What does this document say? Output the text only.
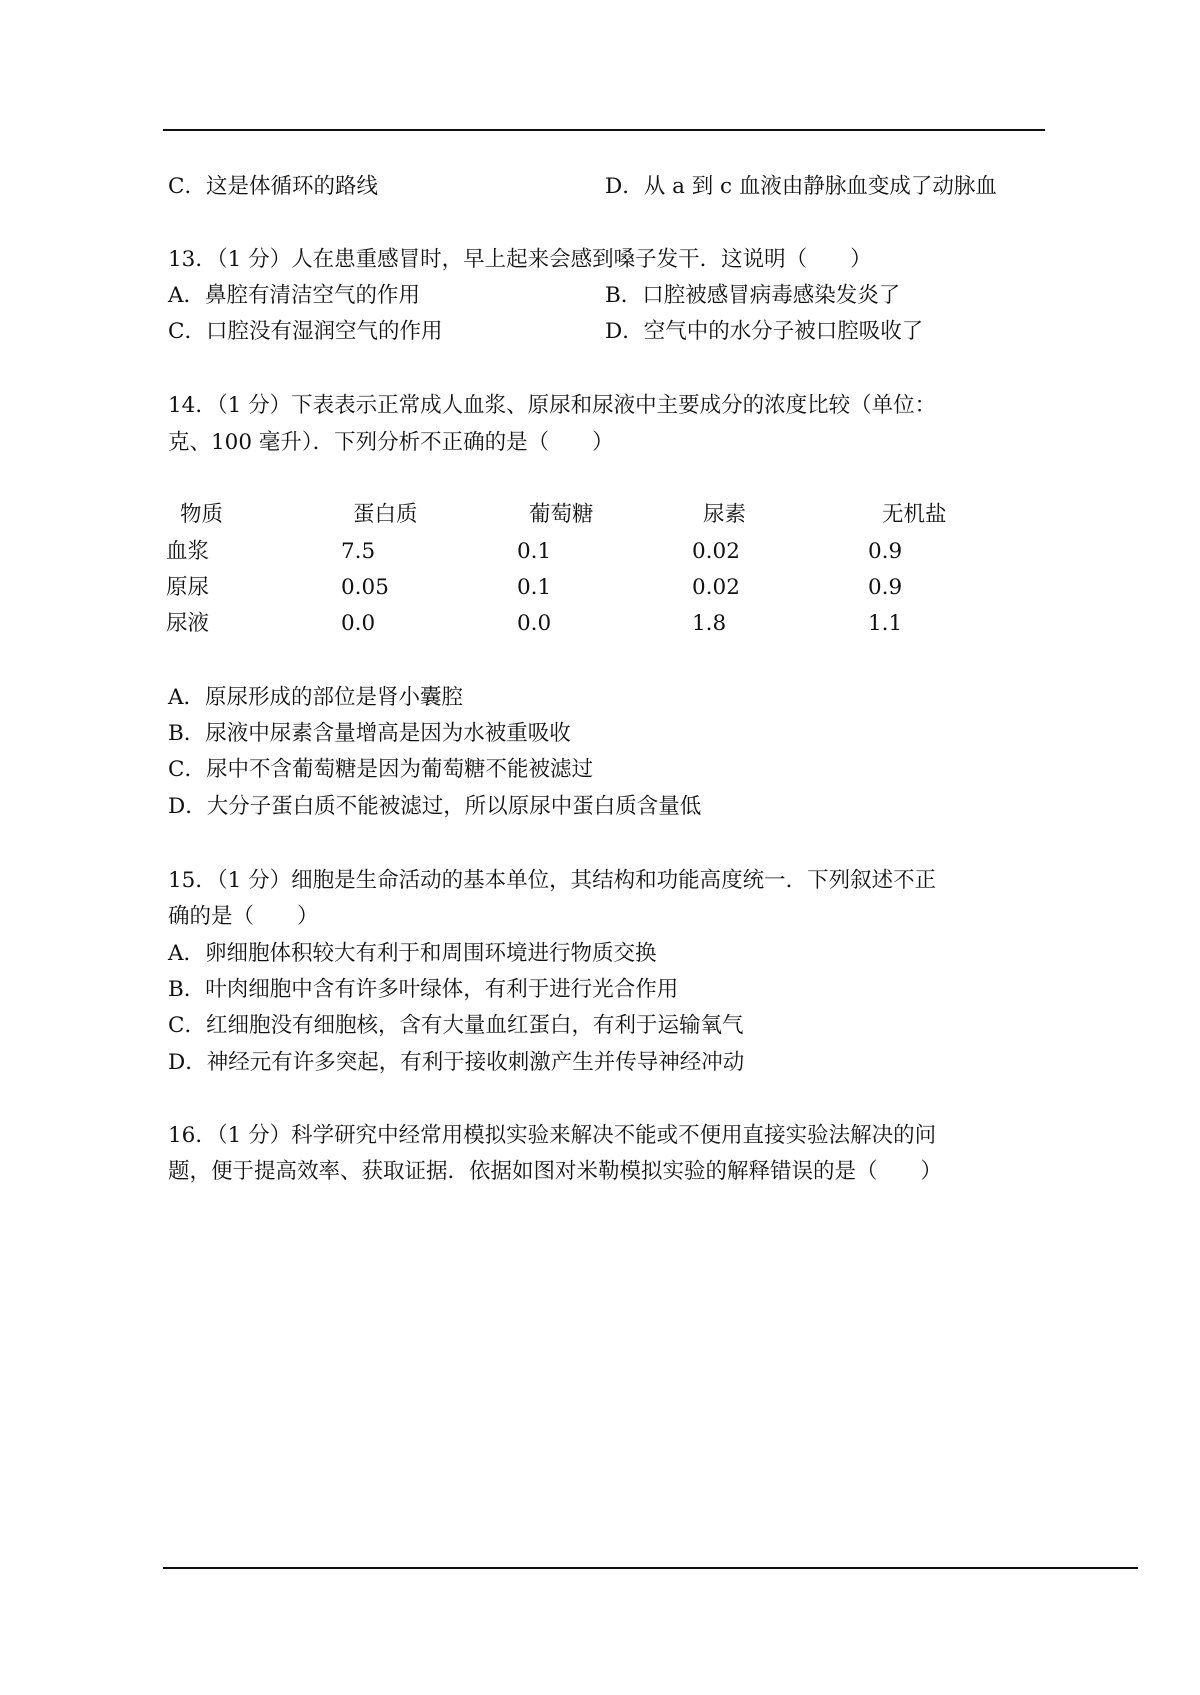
C．这是体循环的路线	D．从 a 到 c 血液由静脉血变成了动脉血
13．（1 分）人在患重感冒时，早上起来会感到嗓子发干．这说明（　　）
A．鼻腔有清洁空气的作用	B．口腔被感冒病毒感染发炎了
C．口腔没有湿润空气的作用	D．空气中的水分子被口腔吸收了
14．（1 分）下表表示正常成人血浆、原尿和尿液中主要成分的浓度比较（单位：
克、100 毫升）．下列分析不正确的是（　　）
物质	蛋白质	葡萄糖	尿素	无机盐
血浆	7.5	0.1	0.02	0.9
原尿	0.05	0.1	0.02	0.9
尿液	0.0	0.0	1.8	1.1
A．原尿形成的部位是肾小囊腔
B．尿液中尿素含量增高是因为水被重吸收
C．尿中不含葡萄糖是因为葡萄糖不能被滤过
D．大分子蛋白质不能被滤过，所以原尿中蛋白质含量低
15．（1 分）细胞是生命活动的基本单位，其结构和功能高度统一．下列叙述不正
确的是（　　）
A．卵细胞体积较大有利于和周围环境进行物质交换
B．叶肉细胞中含有许多叶绿体，有利于进行光合作用
C．红细胞没有细胞核，含有大量血红蛋白，有利于运输氧气
D．神经元有许多突起，有利于接收刺激产生并传导神经冲动
16．（1 分）科学研究中经常用模拟实验来解决不能或不便用直接实验法解决的问
题，便于提高效率、获取证据．依据如图对米勒模拟实验的解释错误的是（　　）
